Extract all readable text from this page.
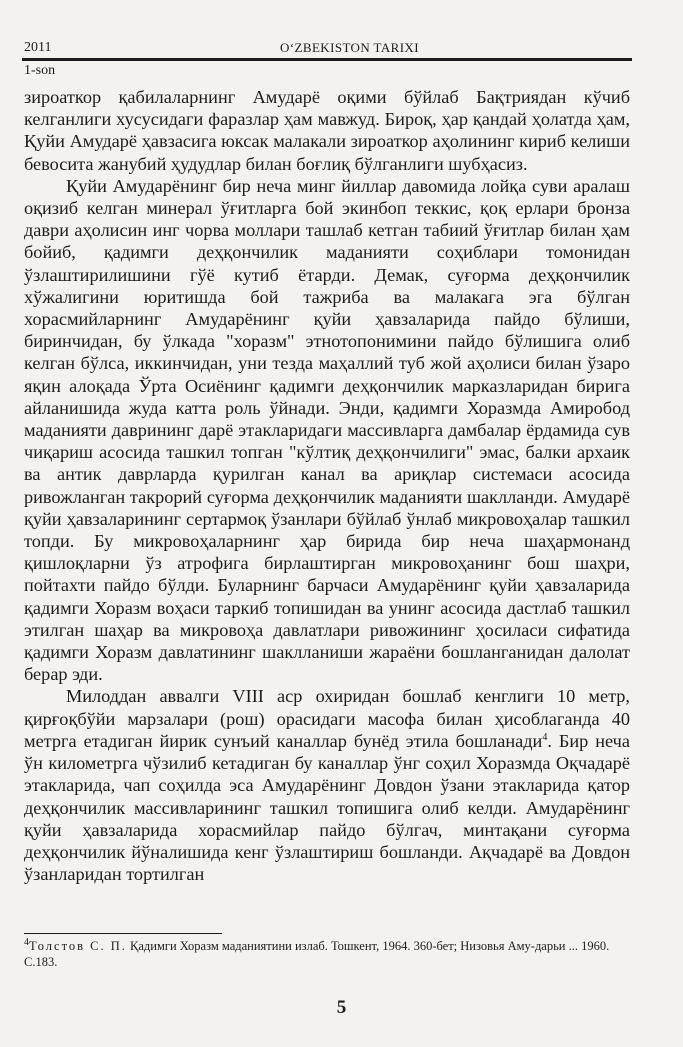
2011	O‘ZBEKISTON TARIXI
1-son

зироаткор қабилаларнинг Амударё оқими бўйлаб Бақтриядан кўчиб келганлиги хусусидаги фаразлар ҳам мавжуд. Бироқ, ҳар қандай ҳолатда ҳам, Қуйи Амударё ҳавзасига юксак малакали зироаткор аҳолининг кириб келиши бевосита жанубий ҳудудлар билан боғлиқ бўлганлиги шубҳасиз.

Қуйи Амударёнинг бир неча минг йиллар давомида лойқа суви аралаш оқизиб келган минерал ўғитларга бой экинбоп теккис, қоқ ерлари бронза даври аҳолисин инг чорва моллари ташлаб кетган табиий ўғитлар билан ҳам бойиб, қадимги деҳқончилик маданияти соҳиблари томонидан ўзлаштирилишини гўё кутиб ётарди. Демак, суғорма деҳқончилик хўжалигини юритишда бой тажриба ва малакага эга бўлган хорасмийларнинг Амударёнинг қуйи ҳавзаларида пайдо бўлиши, биринчидан, бу ўлкада "хоразм" этнотопонимини пайдо бўлишига олиб келган бўлса, иккинчидан, уни тезда маҳаллий туб жой аҳолиси билан ўзаро яқин алоқада Ўрта Осиёнинг қадимги деҳқончилик марказларидан бирига айланишида жуда катта роль ўйнади. Энди, қадимги Хоразмда Амиробод маданияти даврининг дарё этакларидаги массивларга дамбалар ёрдамида сув чиқариш асосида ташкил топган "кўлтиқ деҳқончилиги" эмас, балки архаик ва антик даврларда қурилган канал ва ариқлар системаси асосида ривожланган такрорий суғорма деҳқончилик маданияти шаклланди. Амударё қуйи ҳавзаларининг сертармоқ ўзанлари бўйлаб ўнлаб микровоҳалар ташкил топди. Бу микровоҳаларнинг ҳар бирида бир неча шаҳармонанд қишлоқларни ўз атрофига бирлаштирган микровоҳанинг бош шаҳри, пойтахти пайдо бўлди. Буларнинг барчаси Амударёнинг қуйи ҳавзаларида қадимги Хоразм воҳаси таркиб топишидан ва унинг асосида дастлаб ташкил этилган шаҳар ва микровоҳа давлатлари ривожининг ҳосиласи сифатида қадимги Хоразм давлатининг шаклланиши жараёни бошланганидан далолат берар эди.

Милоддан аввалги VIII аср охиридан бошлаб кенглиги 10 метр, қирғоқбўйи марзалари (рош) орасидаги масофа билан ҳисоблаганда 40 метрга етадиган йирик сунъий каналлар бунёд этила бошланади$^4$. Бир неча ўн километрга чўзилиб кетадиган бу каналлар ўнг соҳил Хоразмда Оқчадарё этакларида, чап соҳилда эса Амударёнинг Довдон ўзани этакларида қатор деҳқончилик массивларининг ташкил топишига олиб келди. Амударёнинг қуйи ҳавзаларида хорасмийлар пайдо бўлгач, минтақани суғорма деҳқончилик йўналишида кенг ўзлаштириш бошланди. Ақчадарё ва Довдон ўзанларидан тортилган

$^4$Толстов С. П. Қадимги Хоразм маданиятини излаб. Тошкент, 1964. 360-бет; Низовья Аму-дарьи ... 1960. С.183.
5
